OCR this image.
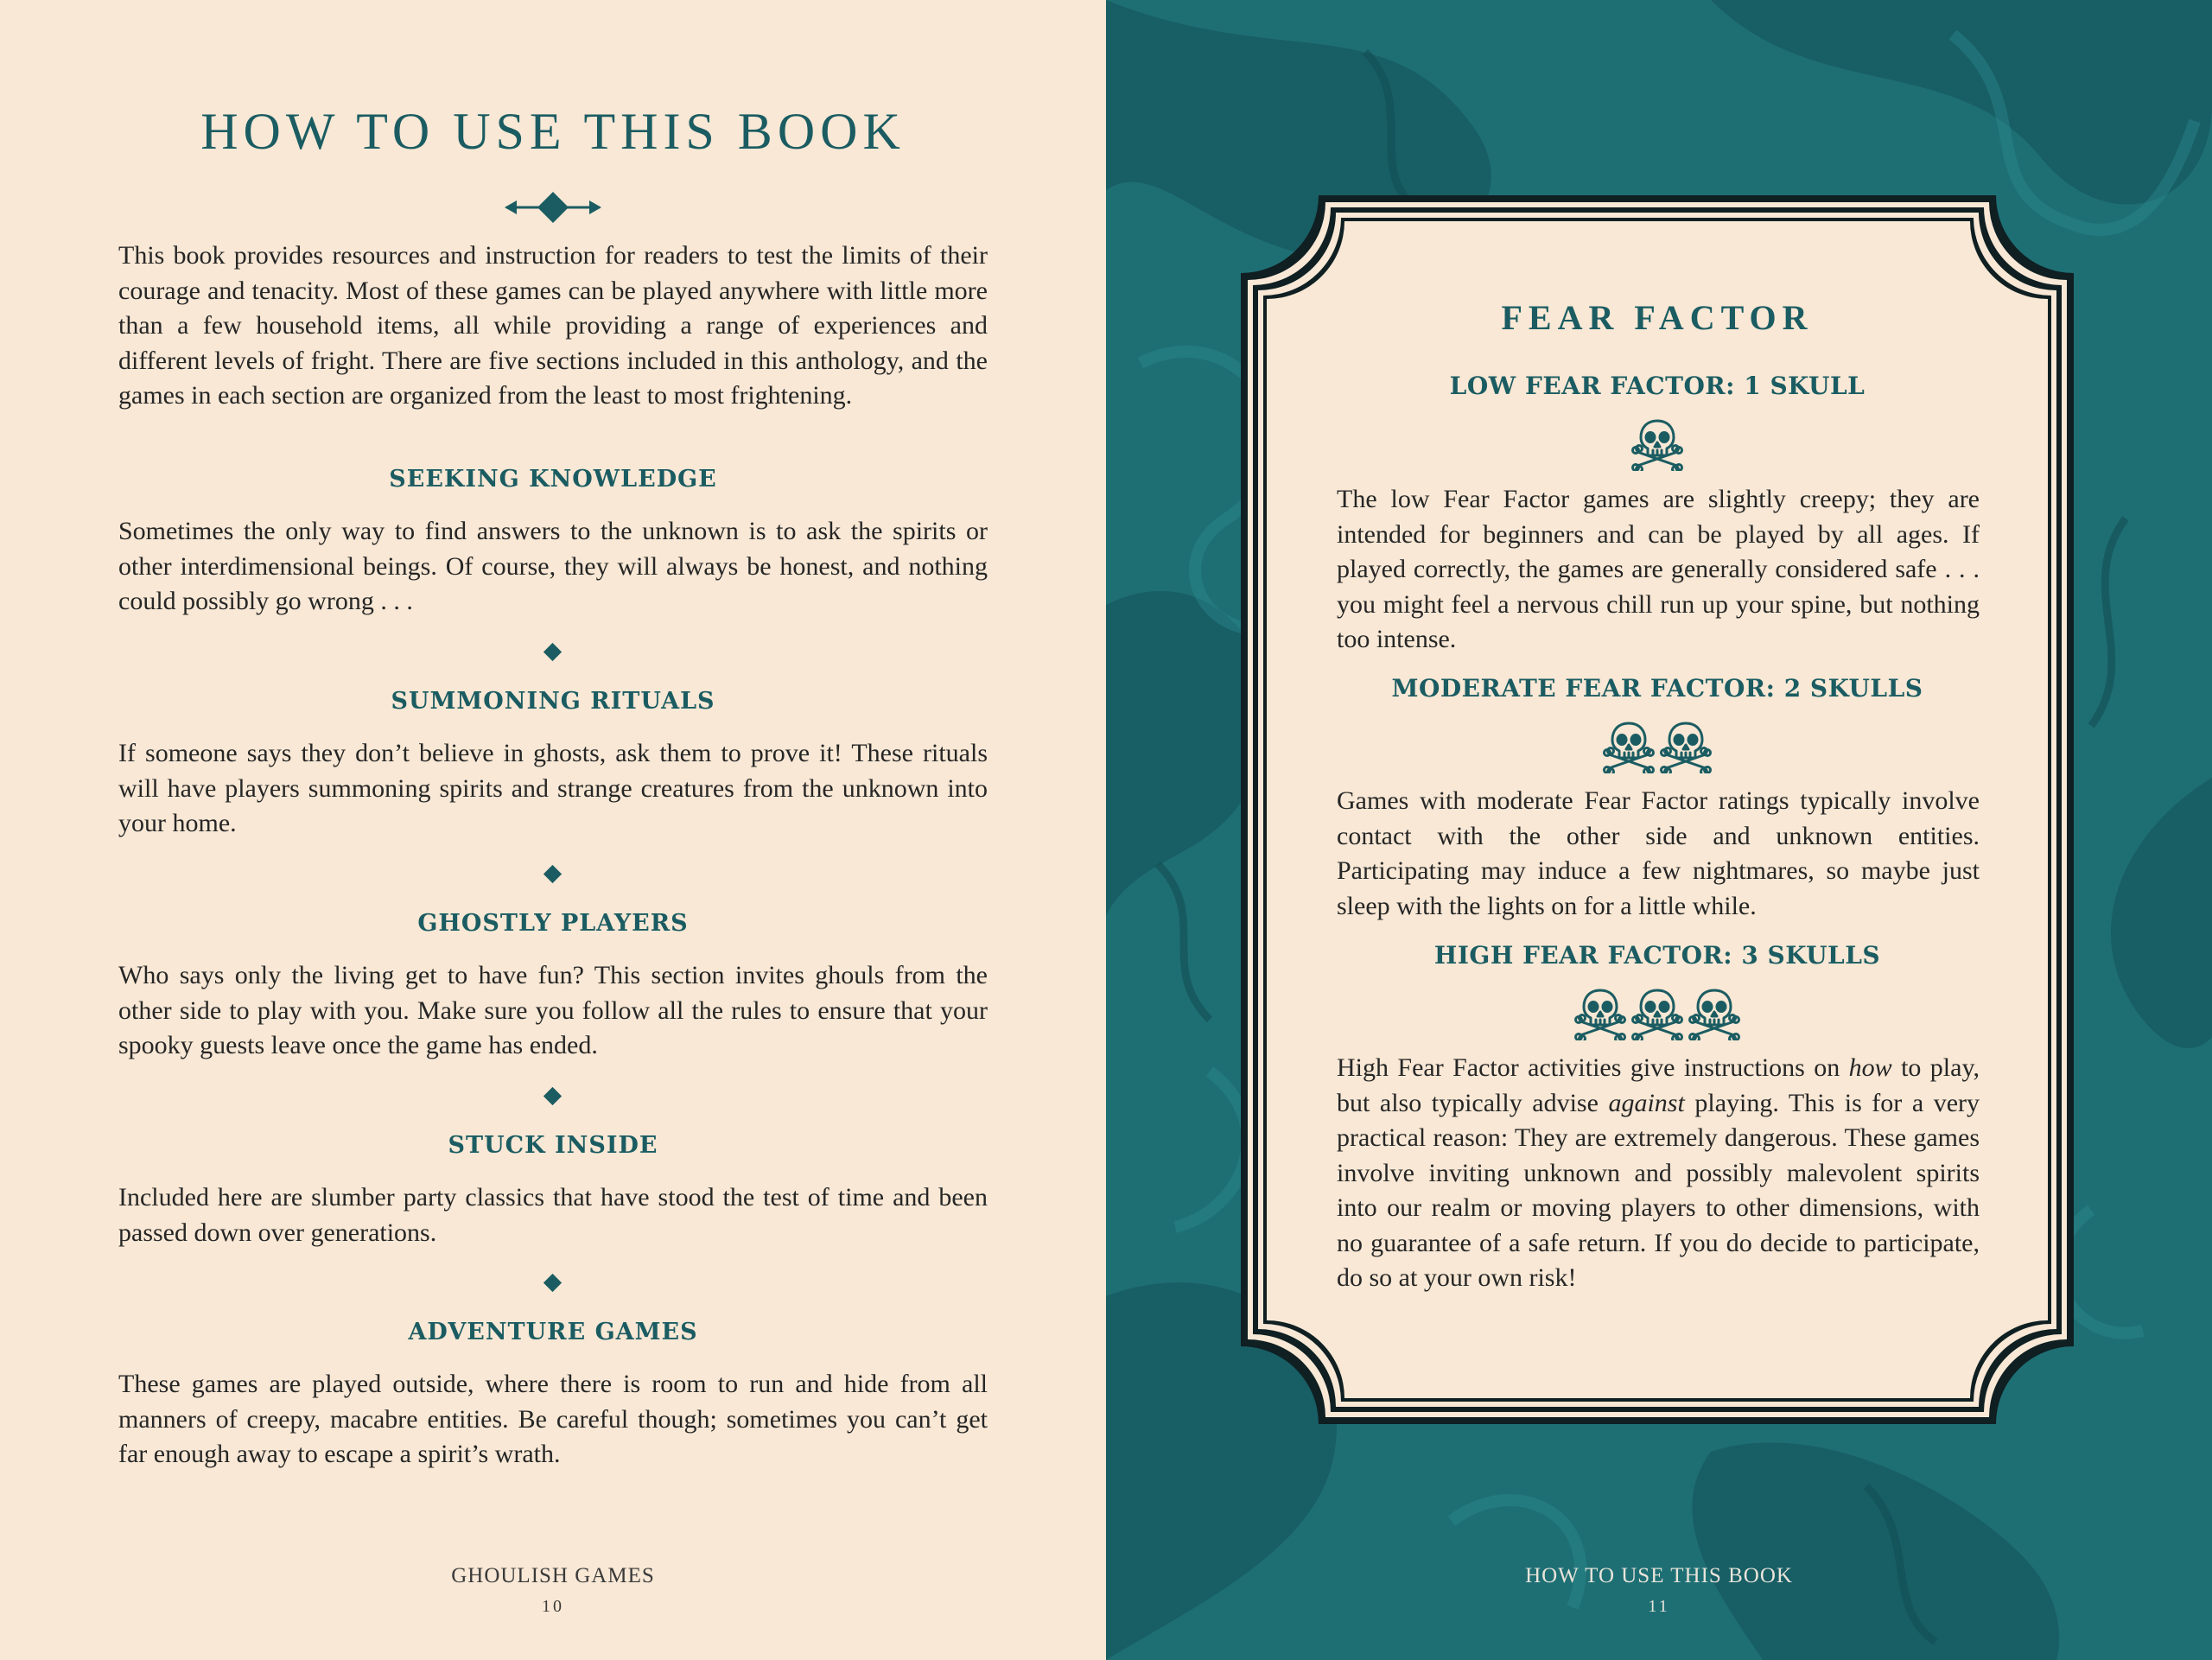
HOW TO USE THIS BOOK

This book provides resources and instruction for readers to test the limits of their courage and tenacity. Most of these games can be played anywhere with little more than a few household items, all while providing a range of experiences and different levels of fright. There are five sections included in this anthology, and the games in each section are organized from the least to most frightening.

SEEKING KNOWLEDGE

Sometimes the only way to find answers to the unknown is to ask the spirits or other interdimensional beings. Of course, they will always be honest, and nothing could possibly go wrong . . .

SUMMONING RITUALS

If someone says they don’t believe in ghosts, ask them to prove it! These rituals will have players summoning spirits and strange creatures from the unknown into your home.

GHOSTLY PLAYERS

Who says only the living get to have fun? This section invites ghouls from the other side to play with you. Make sure you follow all the rules to ensure that your spooky guests leave once the game has ended.

STUCK INSIDE

Included here are slumber party classics that have stood the test of time and been passed down over generations.

ADVENTURE GAMES

These games are played outside, where there is room to run and hide from all manners of creepy, macabre entities. Be careful though; sometimes you can’t get far enough away to escape a spirit’s wrath.

GHOULISH GAMES
10
HOW TO USE THIS BOOK
11
FEAR FACTOR
LOW FEAR FACTOR: 1 SKULL

The low Fear Factor games are slightly creepy; they are intended for beginners and can be played by all ages. If played correctly, the games are generally considered safe . . . you might feel a nervous chill run up your spine, but nothing too intense.

MODERATE FEAR FACTOR: 2 SKULLS

Games with moderate Fear Factor ratings typically involve contact with the other side and unknown entities. Participating may induce a few nightmares, so maybe just sleep with the lights on for a little while.

HIGH FEAR FACTOR: 3 SKULLS

High Fear Factor activities give instructions on how to play, but also typically advise against playing. This is for a very practical reason: They are extremely dangerous. These games involve inviting unknown and possibly malevolent spirits into our realm or moving players to other dimensions, with no guarantee of a safe return. If you do decide to participate, do so at your own risk!
